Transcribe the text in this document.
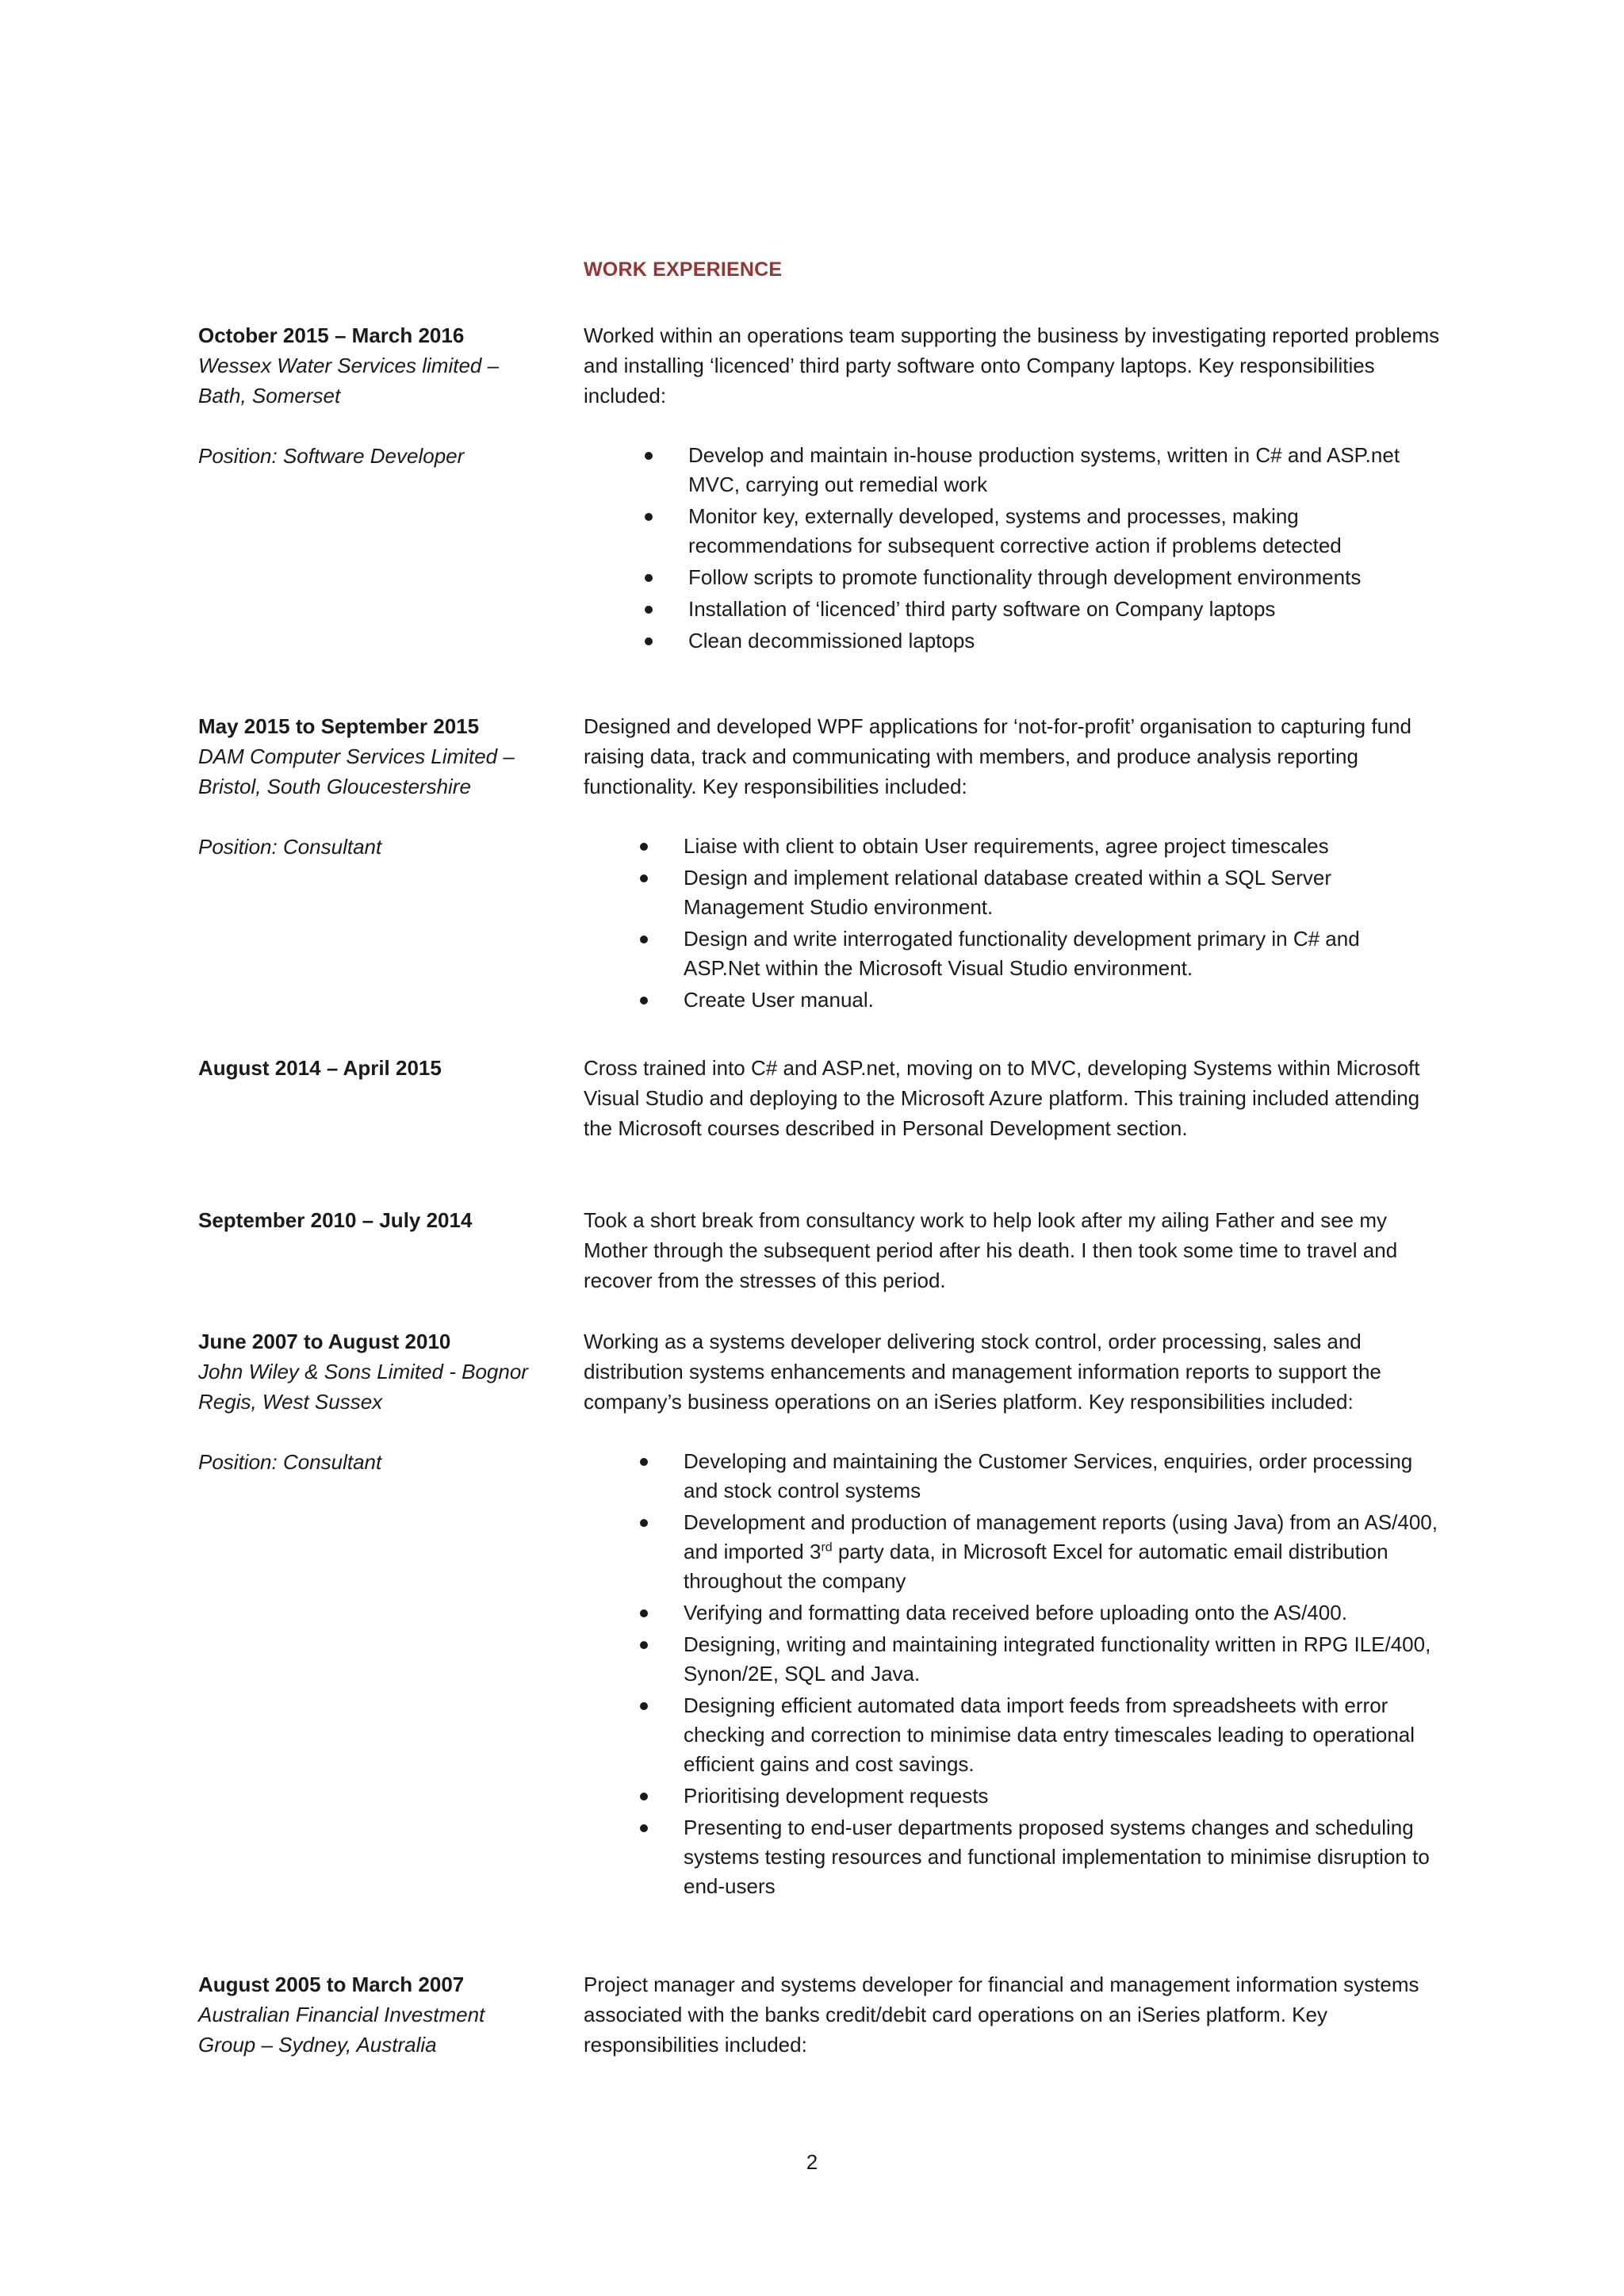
WORK EXPERIENCE
October 2015 – March 2016
Wessex Water Services limited –
Bath, Somerset
Position: Software Developer

Worked within an operations team supporting the business by investigating reported problems and installing ‘licenced’ third party software onto Company laptops. Key responsibilities included:

Develop and maintain in-house production systems, written in C# and ASP.net MVC, carrying out remedial work
Monitor key, externally developed, systems and processes, making recommendations for subsequent corrective action if problems detected
Follow scripts to promote functionality through development environments
Installation of ‘licenced’ third party software on Company laptops
Clean decommissioned laptops
May 2015 to September 2015
DAM Computer Services Limited –
Bristol, South Gloucestershire
Position: Consultant

Designed and developed WPF applications for ‘not-for-profit’ organisation to capturing fund raising data, track and communicating with members, and produce analysis reporting functionality. Key responsibilities included:

Liaise with client to obtain User requirements, agree project timescales
Design and implement relational database created within a SQL Server Management Studio environment.
Design and write interrogated functionality development primary in C# and ASP.Net within the Microsoft Visual Studio environment.
Create User manual.
August 2014 – April 2015	Cross trained into C# and ASP.net, moving on to MVC, developing Systems within Microsoft Visual Studio and deploying to the Microsoft Azure platform. This training included attending the Microsoft courses described in Personal Development section.

September 2010 – July 2014	Took a short break from consultancy work to help look after my ailing Father and see my Mother through the subsequent period after his death. I then took some time to travel and recover from the stresses of this period.

June 2007 to August 2010
John Wiley & Sons Limited - Bognor
Regis, West Sussex
Position: Consultant

Working as a systems developer delivering stock control, order processing, sales and distribution systems enhancements and management information reports to support the company’s business operations on an iSeries platform. Key responsibilities included:

Developing and maintaining the Customer Services, enquiries, order processing and stock control systems
Development and production of management reports (using Java) from an AS/400, and imported 3rd party data, in Microsoft Excel for automatic email distribution throughout the company
Verifying and formatting data received before uploading onto the AS/400.
Designing, writing and maintaining integrated functionality written in RPG ILE/400, Synon/2E, SQL and Java.
Designing efficient automated data import feeds from spreadsheets with error checking and correction to minimise data entry timescales leading to operational efficient gains and cost savings.
Prioritising development requests
Presenting to end-user departments proposed systems changes and scheduling systems testing resources and functional implementation to minimise disruption to end-users
August 2005 to March 2007
Australian Financial Investment
Group – Sydney, Australia

Project manager and systems developer for financial and management information systems associated with the banks credit/debit card operations on an iSeries platform. Key responsibilities included:

2
